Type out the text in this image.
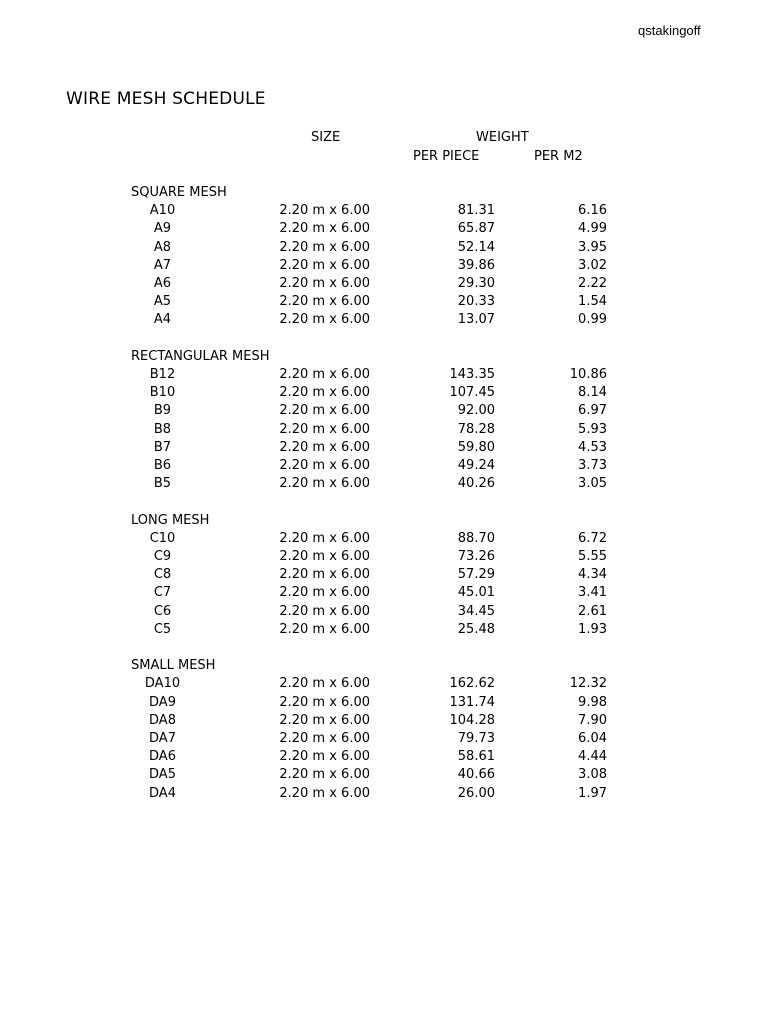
qstakingoff
WIRE MESH SCHEDULE
SIZE	WEIGHT
PER PIECE	PER M2
SQUARE MESH
A10	2.20 m x 6.00	81.31	6.16
A9	2.20 m x 6.00	65.87	4.99
A8	2.20 m x 6.00	52.14	3.95
A7	2.20 m x 6.00	39.86	3.02
A6	2.20 m x 6.00	29.30	2.22
A5	2.20 m x 6.00	20.33	1.54
A4	2.20 m x 6.00	13.07	0.99
RECTANGULAR MESH
B12	2.20 m x 6.00	143.35	10.86
B10	2.20 m x 6.00	107.45	8.14
B9	2.20 m x 6.00	92.00	6.97
B8	2.20 m x 6.00	78.28	5.93
B7	2.20 m x 6.00	59.80	4.53
B6	2.20 m x 6.00	49.24	3.73
B5	2.20 m x 6.00	40.26	3.05
LONG MESH
C10	2.20 m x 6.00	88.70	6.72
C9	2.20 m x 6.00	73.26	5.55
C8	2.20 m x 6.00	57.29	4.34
C7	2.20 m x 6.00	45.01	3.41
C6	2.20 m x 6.00	34.45	2.61
C5	2.20 m x 6.00	25.48	1.93
SMALL MESH
DA10	2.20 m x 6.00	162.62	12.32
DA9	2.20 m x 6.00	131.74	9.98
DA8	2.20 m x 6.00	104.28	7.90
DA7	2.20 m x 6.00	79.73	6.04
DA6	2.20 m x 6.00	58.61	4.44
DA5	2.20 m x 6.00	40.66	3.08
DA4	2.20 m x 6.00	26.00	1.97
